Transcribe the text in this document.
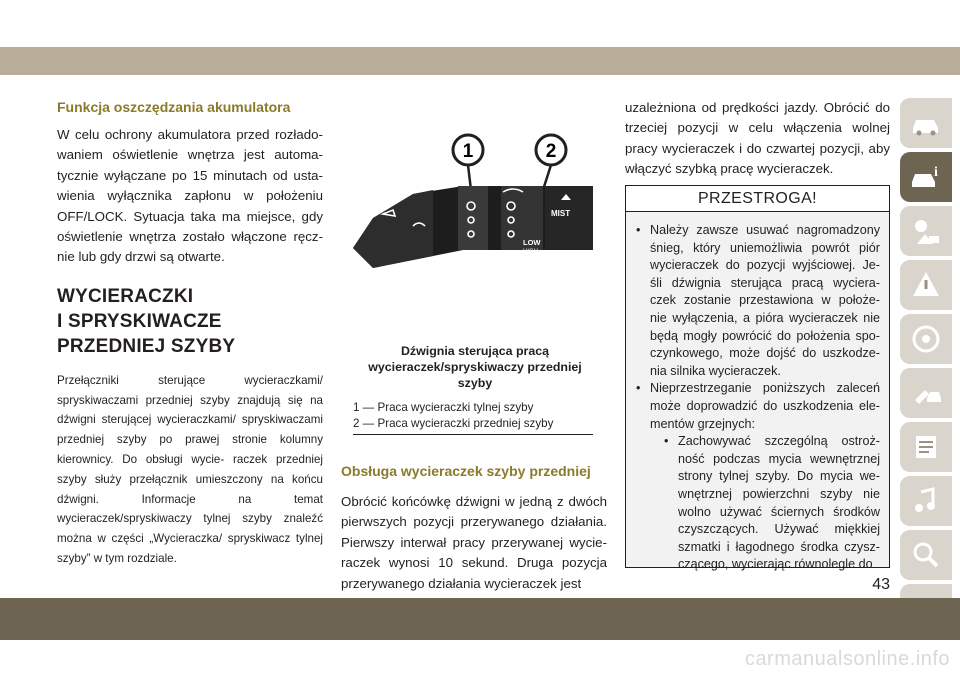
Funkcja oszczędzania akumulatora

W celu ochrony akumulatora przed rozłado- waniem oświetlenie wnętrza jest automa- tycznie wyłączane po 15 minutach od usta- wienia wyłącznika zapłonu w położeniu OFF/LOCK. Sytuacja taka ma miejsce, gdy oświetlenie wnętrza zostało włączone ręcz- nie lub gdy drzwi są otwarte.

WYCIERACZKI
I SPRYSKIWACZE
PRZEDNIEJ SZYBY

Przełączniki sterujące wycieraczkami/ spryskiwaczami przedniej szyby znajdują się na dźwigni sterującej wycieraczkami/ spryskiwaczami przedniej szyby po prawej stronie kolumny kierownicy. Do obsługi wycie- raczek przedniej szyby służy przełącznik umieszczony na końcu dźwigni. Informacje na temat wycieraczek/spryskiwaczy tylnej szyby znaleźć można w części „Wycieraczka/ spryskiwacz tylnej szyby” w tym rozdziale.

1	2
LOW
HIGH
MIST
Dźwignia sterująca pracą wycieraczek/spryskiwaczy przedniej szyby
1 — Praca wycieraczki tylnej szyby
2 — Praca wycieraczki przedniej szyby

Obsługa wycieraczek szyby przedniej

Obrócić końcówkę dźwigni w jedną z dwóch pierwszych pozycji przerywanego działania. Pierwszy interwał pracy przerywanej wycie- raczek wynosi 10 sekund. Druga pozycja przerywanego działania wycieraczek jest

uzależniona od prędkości jazdy. Obrócić do trzeciej pozycji w celu włączenia wolnej pracy wycieraczek i do czwartej pozycji, aby włączyć szybką pracę wycieraczek.

PRZESTROGA!
• Należy zawsze usuwać nagromadzony śnieg, który uniemożliwia powrót piór wycieraczek do pozycji wyjściowej. Je- śli dźwignia sterująca pracą wyciera- czek zostanie przestawiona w położe- nie wyłączenia, a pióra wycieraczek nie będą mogły powrócić do położenia spo- czynkowego, może dojść do uszkodze- nia silnika wycieraczek.
• Nieprzestrzeganie poniższych zaleceń może doprowadzić do uszkodzenia ele- mentów grzejnych:
• Zachowywać szczególną ostroż- ność podczas mycia wewnętrznej strony tylnej szyby. Do mycia we- wnętrznej powierzchni szyby nie wolno używać ściernych środków czyszczących. Używać miękkiej szmatki i łagodnego środka czysz- czącego, wycierając równolegle do
i
43
carmanualsonline.info
